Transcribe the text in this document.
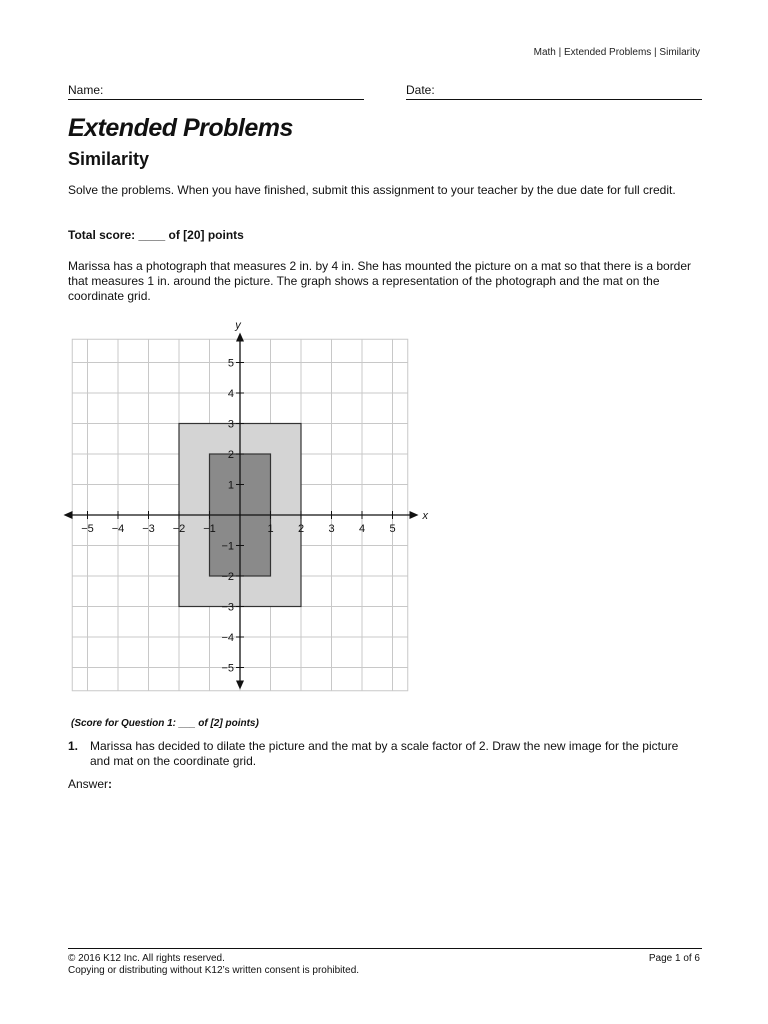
Math | Extended Problems | Similarity
Name:	Date:
Extended Problems
Similarity
Solve the problems. When you have finished, submit this assignment to your teacher by the due date for full credit.
Total score: ____ of [20] points
Marissa has a photograph that measures 2 in. by 4 in. She has mounted the picture on a mat so that there is a border that measures 1 in. around the picture. The graph shows a representation of the photograph and the mat on the coordinate grid.
−5 −4 −3 −2 −1	1 2 3 4 5
5
4
3
2
1
−1
−2
−3
−4
−5
x
y
(Score for Question 1: ___ of [2] points)
1. Marissa has decided to dilate the picture and the mat by a scale factor of 2. Draw the new image for the picture and mat on the coordinate grid.
Answer:
© 2016 K12 Inc. All rights reserved.
Copying or distributing without K12’s written consent is prohibited.
Page 1 of 6
